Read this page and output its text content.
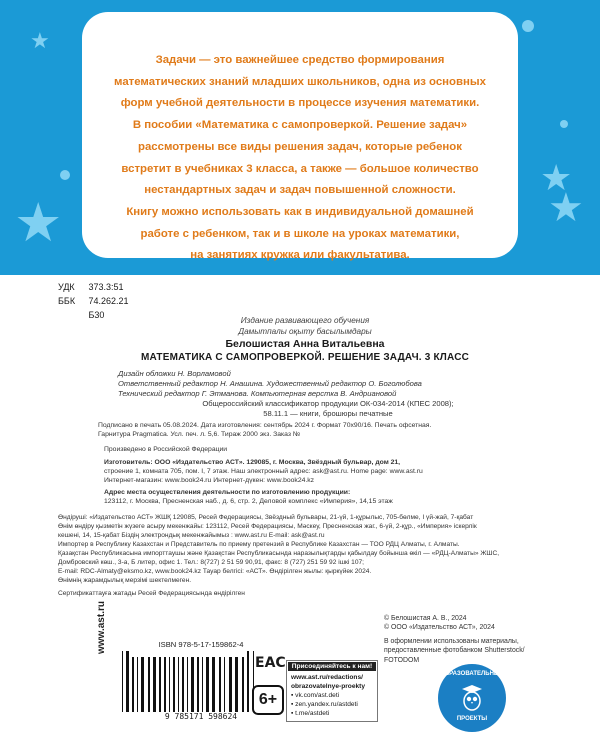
★
★
★
★
Задачи — это важнейшее средство формирования
математических знаний младших школьников, одна из основных
форм учебной деятельности в процессе изучения математики.
В пособии «Математика с самопроверкой. Решение задач»
рассмотрены все виды решения задач, которые ребенок
встретит в учебниках 3 класса, а также — большое количество
нестандартных задач и задач повышенной сложности.
Книгу можно использовать как в индивидуальной домашней
работе с ребенком, так и в школе на уроках математики,
на занятиях кружка или факультатива.
www.ast.ru
УДК 373.3:51
ББК 74.262.21
Б30
Издание развивающего обучения
Дамытпалы оқыту басылымдары
Белошистая Анна Витальевна
МАТЕМАТИКА С САМОПРОВЕРКОЙ. РЕШЕНИЕ ЗАДАЧ. 3 КЛАСС
Дизайн обложки Н. Ворламовой
Ответственный редактор Н. Анашина. Художественный редактор О. Боголюбова
Технический редактор Г. Этманова. Компьютерная верстка В. Андриановой
Общероссийский классификатор продукции ОК-034-2014 (КПЕС 2008);
58.11.1 — книги, брошюры печатные
Подписано в печать 05.08.2024. Дата изготовления: сентябрь 2024 г. Формат 70х90/16. Печать офсетная.
Гарнитура Pragmatica. Усл. печ. л. 5,6. Тираж 2000 экз. Заказ №
Произведено в Российской Федерации
Изготовитель: ООО «Издательство АСТ». 129085, г. Москва, Звёздный бульвар, дом 21,
строение 1, комната 705, пом. I, 7 этаж. Наш электронный адрес: ask@ast.ru. Home page: www.ast.ru
Интернет-магазин: www.book24.ru Интернет-дүкен: www.book24.kz
Адрес места осуществления деятельности по изготовлению продукции:
123112, г. Москва, Пресненская наб., д. 6, стр. 2, Деловой комплекс «Империя», 14,15 этаж
Өндіруші: «Издательство АСТ» ЖШҚ 129085, Ресей Федерациясы, Звёздный бульвары, 21-үй, 1-құрылыс, 705-бөлме, I үй-жай, 7-қабат
Өнім өндіру қызметін жүзеге асыру мекенжайы: 123112, Ресей Федерациясы, Мәскеу, Пресненская жаг., 6-үй, 2-құр., «Империя» іскерлік
кешені, 14, 15-қабат Біздің электрондық мекенжайымыз : www.ast.ru E-mail: ask@ast.ru
Импортер в Республику Казахстан и Представитель по приему претензий в Республике Казахстан — ТОО РДЦ Алматы, г. Алматы.
Қазақстан Республикасына импорттаушы және Қазақстан Республикасында наразылықтарды қабылдау бойынша өкіл — «РДЦ-Алматы» ЖШС,
Домбровский көш., 3-а, Б литер, офис 1. Тел.: 8(727) 2 51 59 90,91, факс: 8 (727) 251 59 92 ішкі 107;
E-mail: RDC-Almaty@eksmo.kz, www.book24.kz Тауар белгісі: «АСТ». Өндірілген жылы: қыркүйек 2024.
Өнімнің жарамдылық мерзімі шектелмеген.
Сертификаттауға жатады Ресей Федерациясында өндірілген
© Белошистая А. В., 2024
© ООО «Издательство АСТ», 2024
В оформлении использованы материалы,
предоставленные фотобанком Shutterstock/
FOTODOM
ISBN 978-5-17-159862-4
9 785171 598624
EAC
6+
Присоединяйтесь к нам!
www.ast.ru/redactions/
obrazovatelnye-proekty
▪ vk.com/ast.deti
▪ zen.yandex.ru/astdeti
▪ t.me/astdeti
ОБРАЗОВАТЕЛЬНЫЕ
ПРОЕКТЫ
